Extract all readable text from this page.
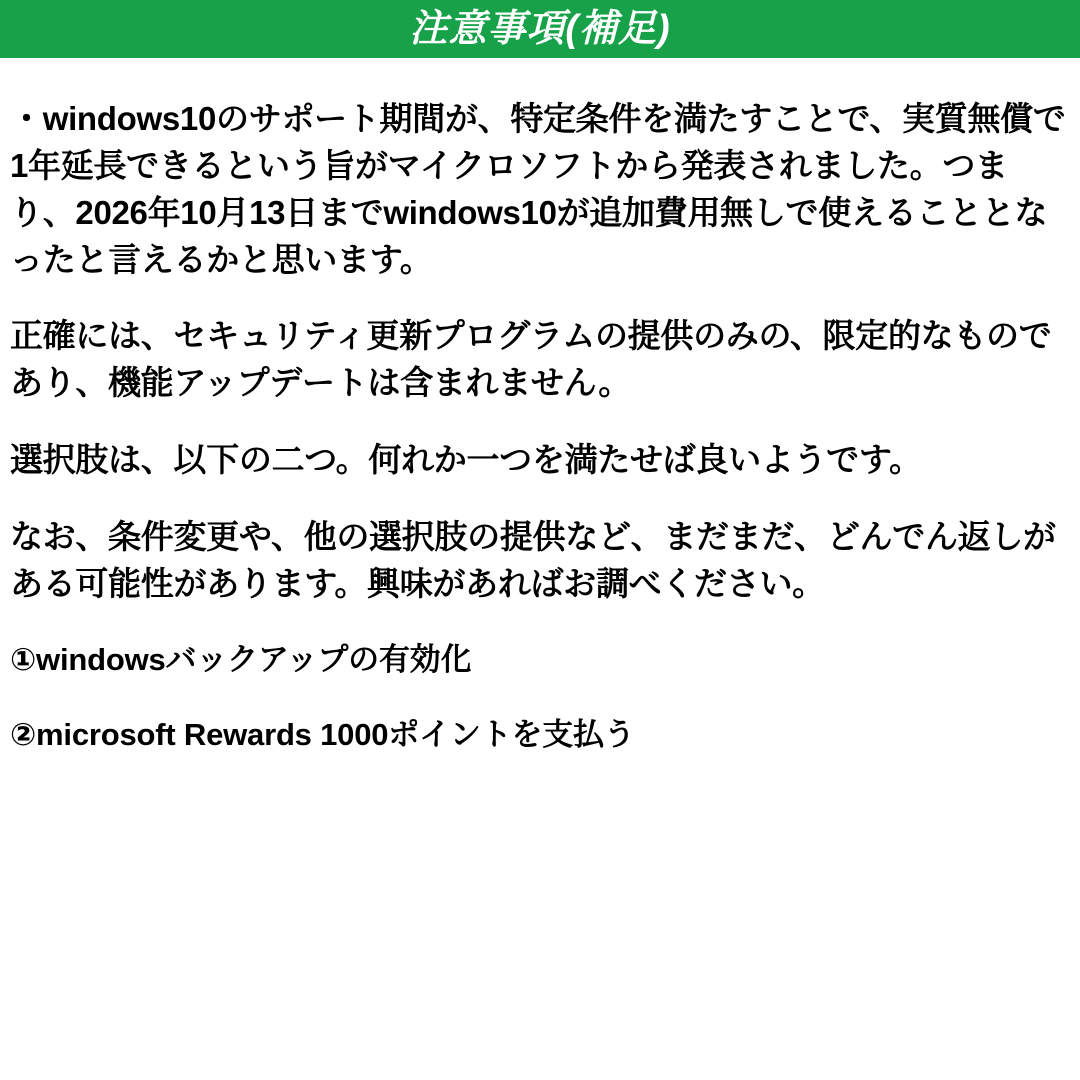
注意事項(補足)

・windows10のサポート期間が、特定条件を満たすことで、実質無償で1年延長できるという旨がマイクロソフトから発表されました。つまり、2026年10月13日までwindows10が追加費用無しで使えることとなったと言えるかと思います。

正確には、セキュリティ更新プログラムの提供のみの、限定的なものであり、機能アップデートは含まれません。

選択肢は、以下の二つ。何れか一つを満たせば良いようです。

なお、条件変更や、他の選択肢の提供など、まだまだ、どんでん返しがある可能性があります。興味があればお調べください。

①windowsバックアップの有効化

②microsoft Rewards 1000ポイントを支払う
